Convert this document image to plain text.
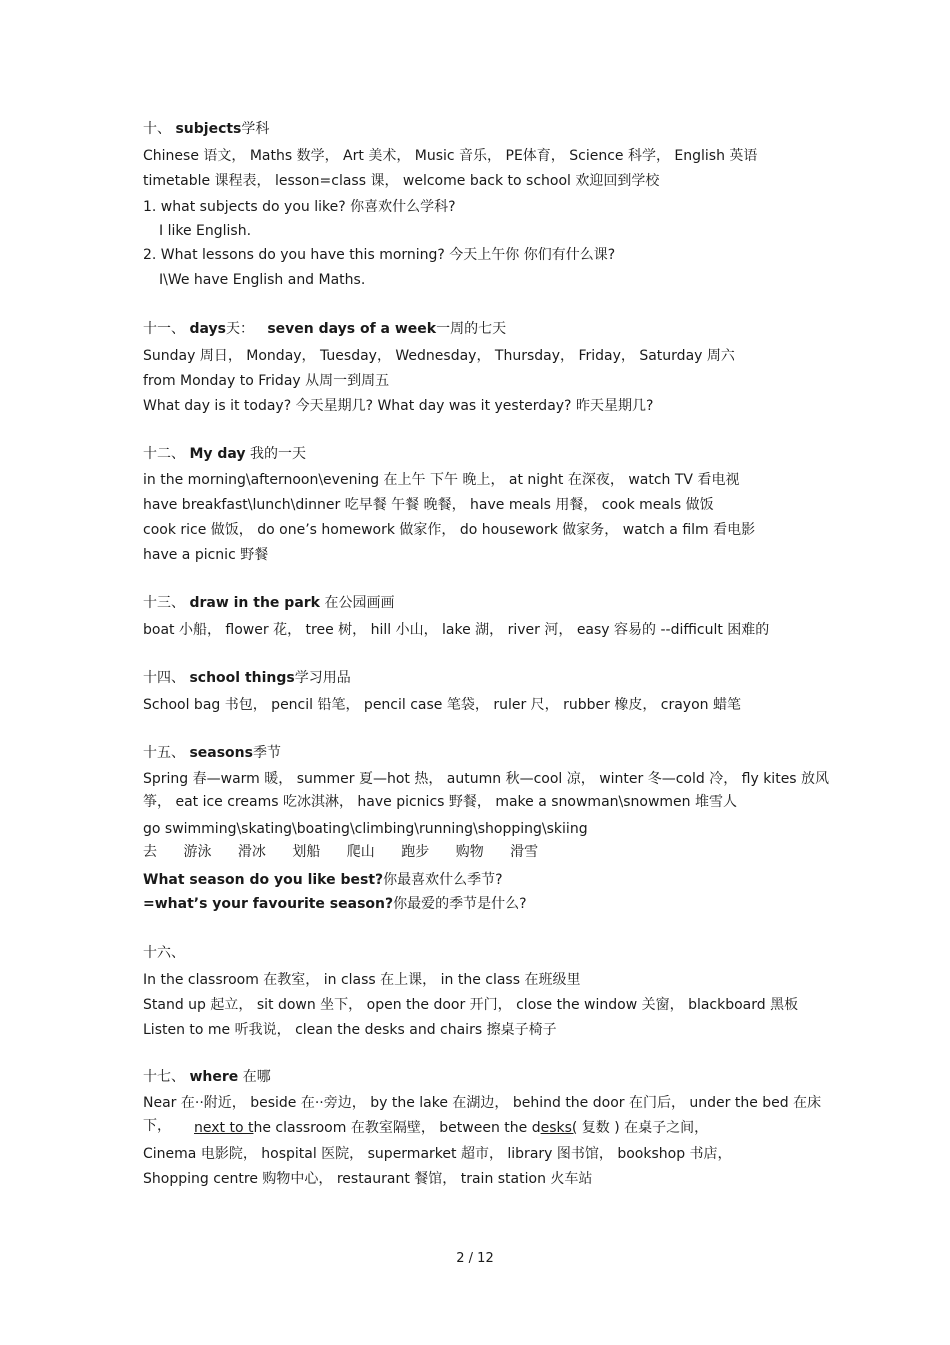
十、 subjects学科
Chinese 语文， Maths 数学， Art 美术， Music 音乐， PE体育， Science 科学， English 英语
timetable 课程表， lesson=class 课， welcome back to school 欢迎回到学校
1. what subjects do you like? 你喜欢什么学科?
I like English.
2. What lessons do you have this morning? 今天上午你 你们有什么课?
I\We have English and Maths.
十一、 days天： seven days of a week一周的七天
Sunday 周日， Monday， Tuesday， Wednesday， Thursday， Friday， Saturday 周六
from Monday to Friday 从周一到周五
What day is it today? 今天星期几? What day was it yesterday? 昨天星期几?
十二、 My day 我的一天
in the morning\afternoon\evening 在上午 下午 晚上， at night 在深夜， watch TV 看电视
have breakfast\lunch\dinner 吃早餐 午餐 晚餐， have meals 用餐， cook meals 做饭
cook rice 做饭， do one’s homework 做家作， do housework 做家务， watch a film 看电影
have a picnic 野餐
十三、 draw in the park 在公园画画
boat 小船， flower 花， tree 树， hill 小山， lake 湖， river 河， easy 容易的 --difficult 困难的
十四、 school things学习用品
School bag 书包， pencil 铅笔， pencil case 笔袋， ruler 尺， rubber 橡皮， crayon 蜡笔
十五、 seasons季节
Spring 春—warm 暖， summer 夏—hot 热， autumn 秋—cool 凉， winter 冬—cold 冷， fly kites 放风筝， eat ice creams 吃冰淇淋， have picnics 野餐， make a snowman\snowmen 堆雪人
go swimming\skating\boating\climbing\running\shopping\skiing
去 游泳 滑冰 划船 爬山 跑步 购物 滑雪
What season do you like best?你最喜欢什么季节?
=what’s your favourite season?你最爱的季节是什么?
十六、
In the classroom 在教室， in class 在上课， in the class 在班级里
Stand up 起立， sit down 坐下， open the door 开门， close the window 关窗， blackboard 黑板
Listen to me 听我说， clean the desks and chairs 擦桌子椅子
十七、 where 在哪
Near 在··附近， beside 在··旁边， by the lake 在湖边， behind the door 在门后， under the bed 在床下，	next to the classroom 在教室隔壁， between the desks( 复数 ) 在桌子之间，
Cinema 电影院， hospital 医院， supermarket 超市， library 图书馆， bookshop 书店，
Shopping centre 购物中心， restaurant 餐馆， train station 火车站
2 / 12
